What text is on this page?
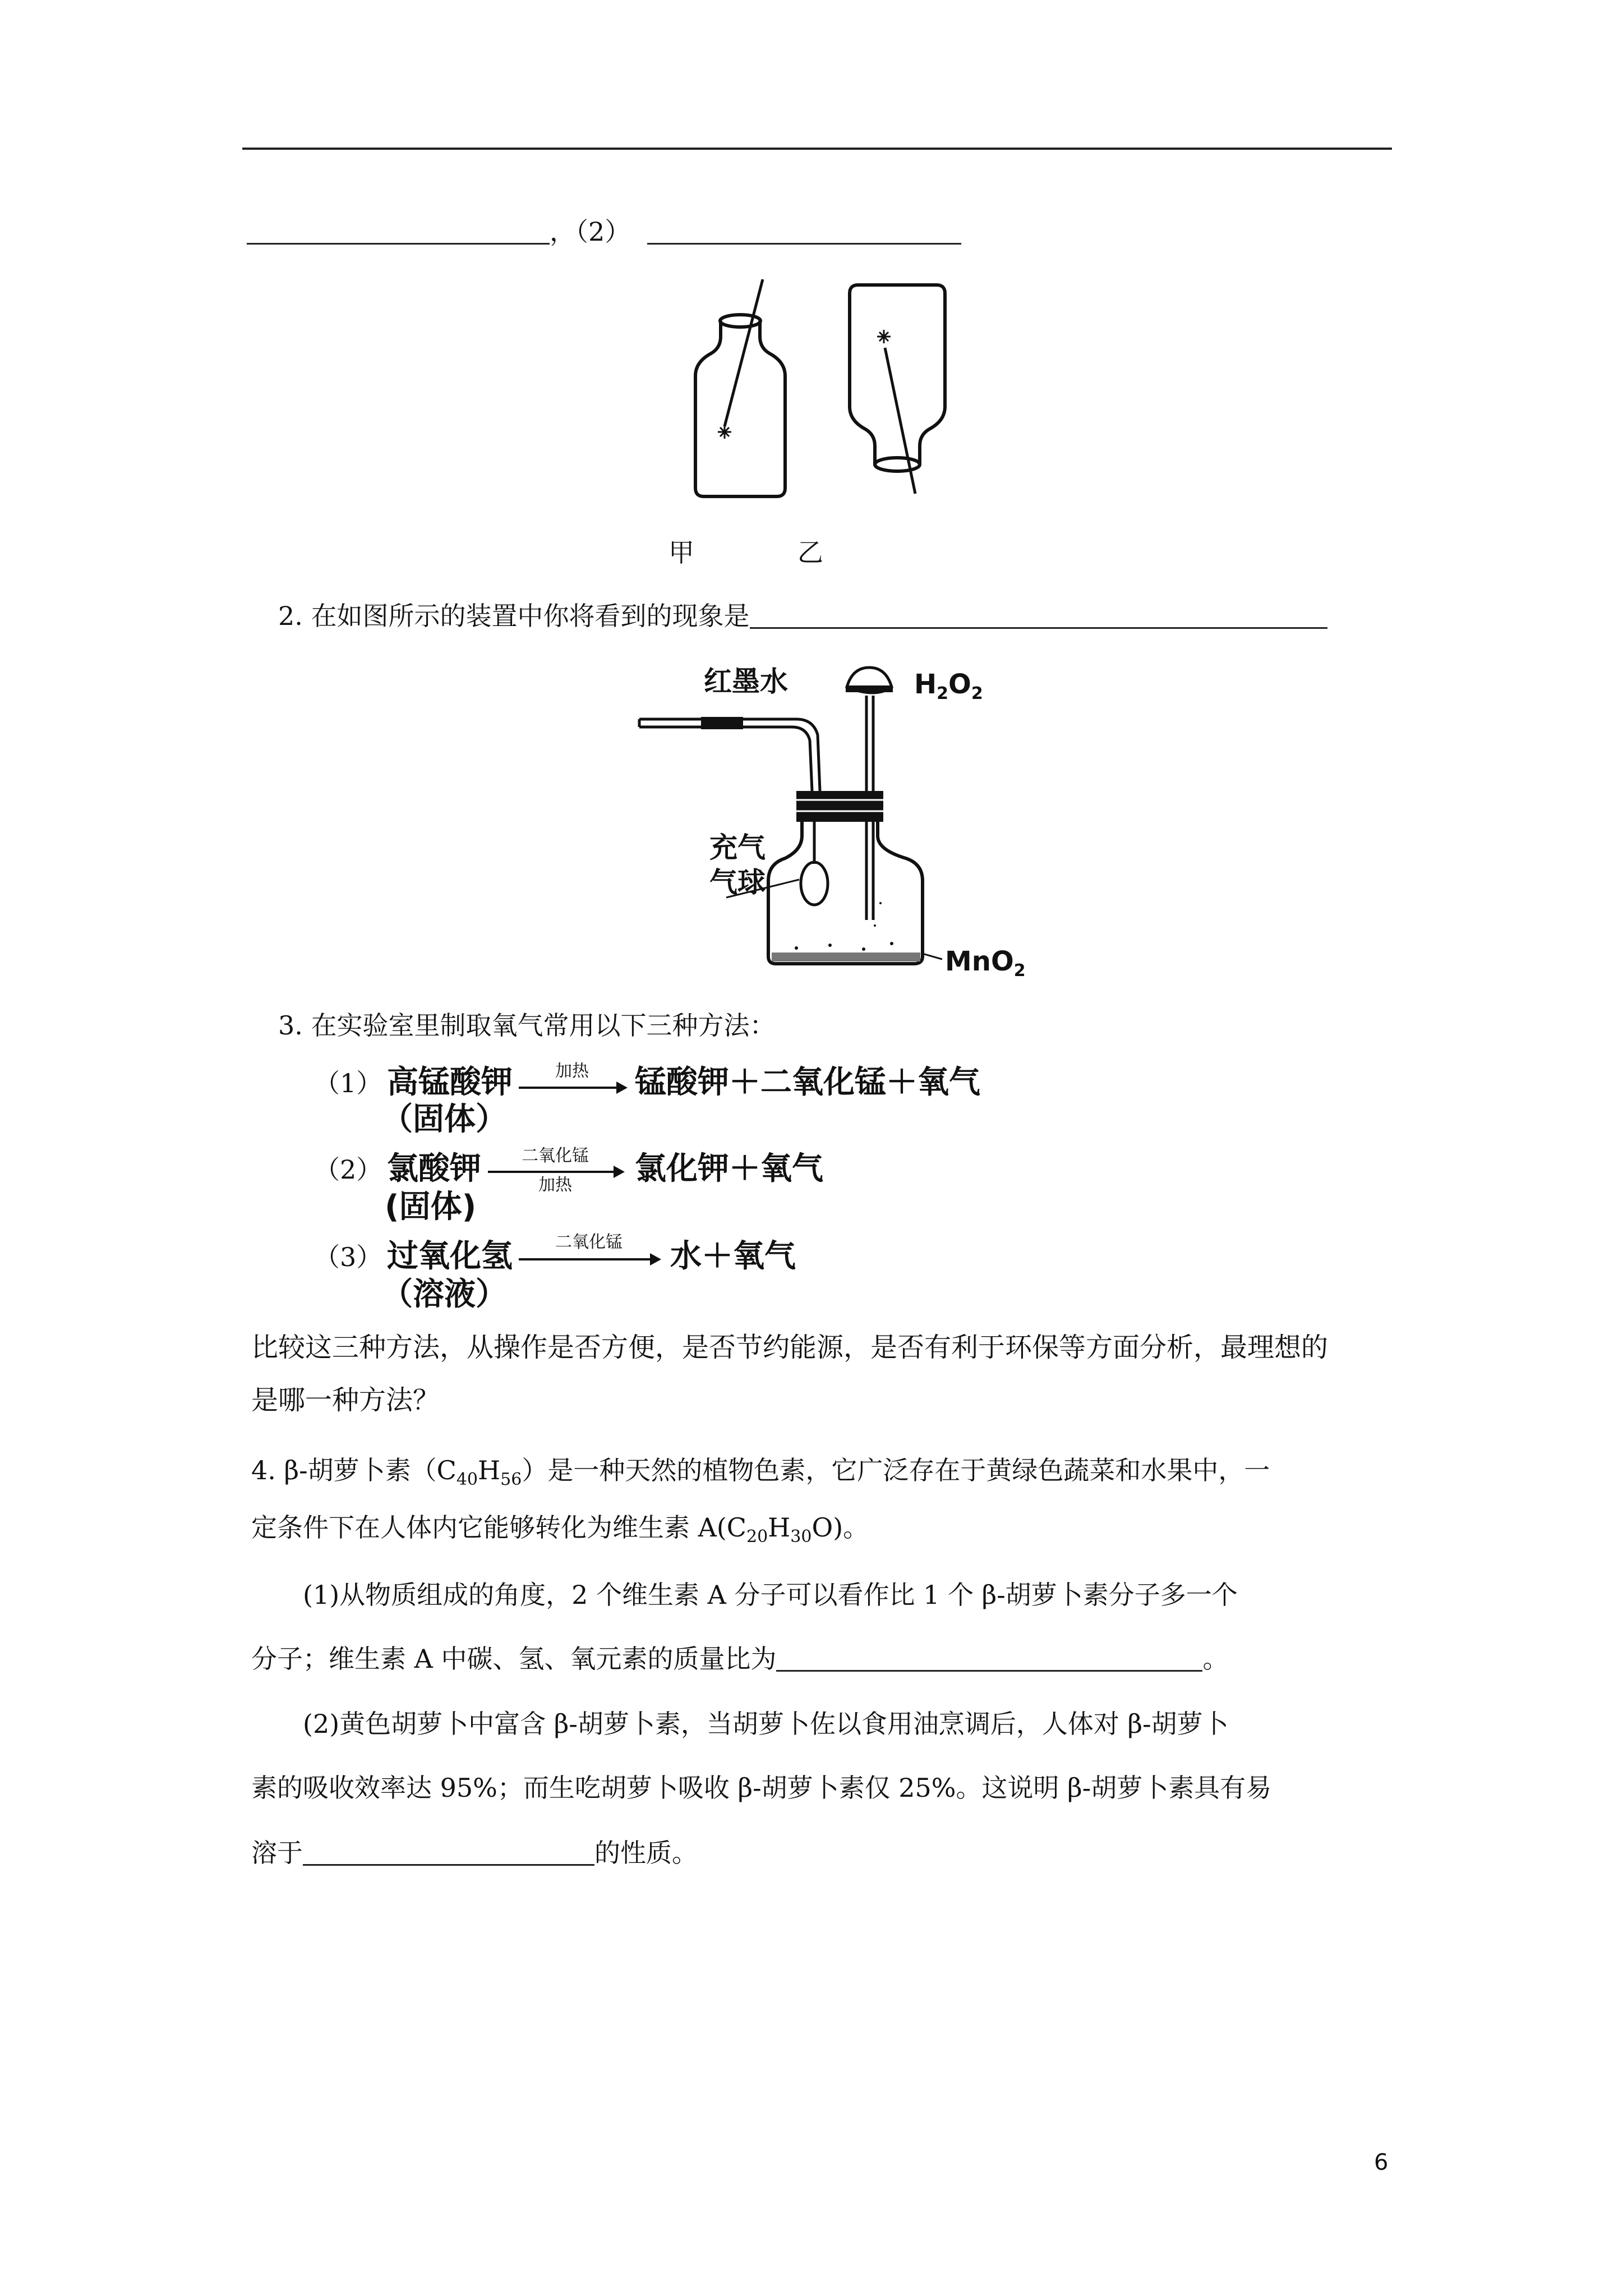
，（2）
甲	乙
2. 在如图所示的装置中你将看到的现象是
红墨水	$H_2O_2$
充气
气球
MnO$_2$
3. 在实验室里制取氧气常用以下三种方法：
（1） 高锰酸钾	加热 锰酸钾＋二氧化锰＋氧气
（固体）
（2） 氯酸钾 二氧化锰
加热 氯化钾＋氧气
(固体)
（3） 过氧化氢	二氧化锰 水＋氧气
（溶液）
比较这三种方法，从操作是否方便，是否节约能源，是否有利于环保等方面分析，最理想的
是哪一种方法？
4. β-胡萝卜素$(C_{40}H_{56})$是一种天然的植物色素，它广泛存在于黄绿色蔬菜和水果中，一
定条件下在人体内它能够转化为维生素 $A(C_{20}H_{30}O)$。
(1)从物质组成的角度，2 个维生素 A 分子可以看作比 1 个 β-胡萝卜素分子多一个
分子；维生素 A 中碳、氢、氧元素的质量比为	。
(2)黄色胡萝卜中富含 β-胡萝卜素，当胡萝卜佐以食用油烹调后，人体对 β-胡萝卜
素的吸收效率达 95%；而生吃胡萝卜吸收 β-胡萝卜素仅 25%。这说明 β-胡萝卜素具有易
溶于	的性质。
6
